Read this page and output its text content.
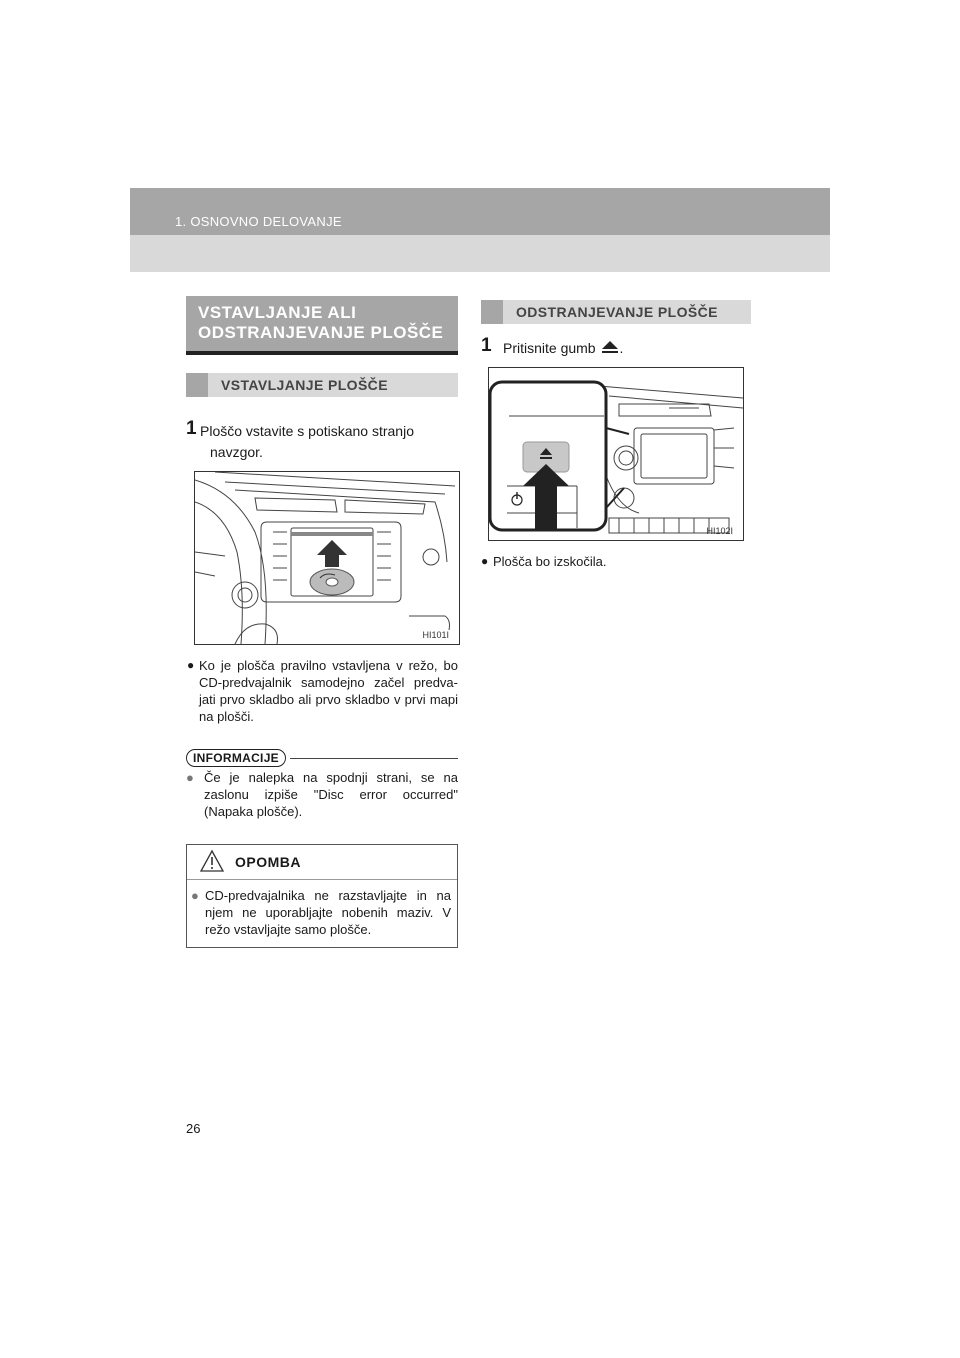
1. OSNOVNO DELOVANJE
VSTAVLJANJE ALI
ODSTRANJEVANJE PLOŠČE
VSTAVLJANJE PLOŠČE
1 Ploščo vstavite s potiskano stranjo
navzgor.
HI101I
● Ko je plošča pravilno vstavljena v režo, bo CD-predvajalnik samodejno začel predva- jati prvo skladbo ali prvo skladbo v prvi mapi na plošči.
INFORMACIJE
● Če je nalepka na spodnji strani, se na zaslonu izpiše "Disc error occurred" (Napaka plošče).
OPOMBA
● CD-predvajalnika ne razstavljajte in na njem ne uporabljajte nobenih maziv. V režo vstavljajte samo plošče.
ODSTRANJEVANJE PLOŠČE
1 Pritisnite gumb .
HI102I
● Plošča bo izskočila.
26
